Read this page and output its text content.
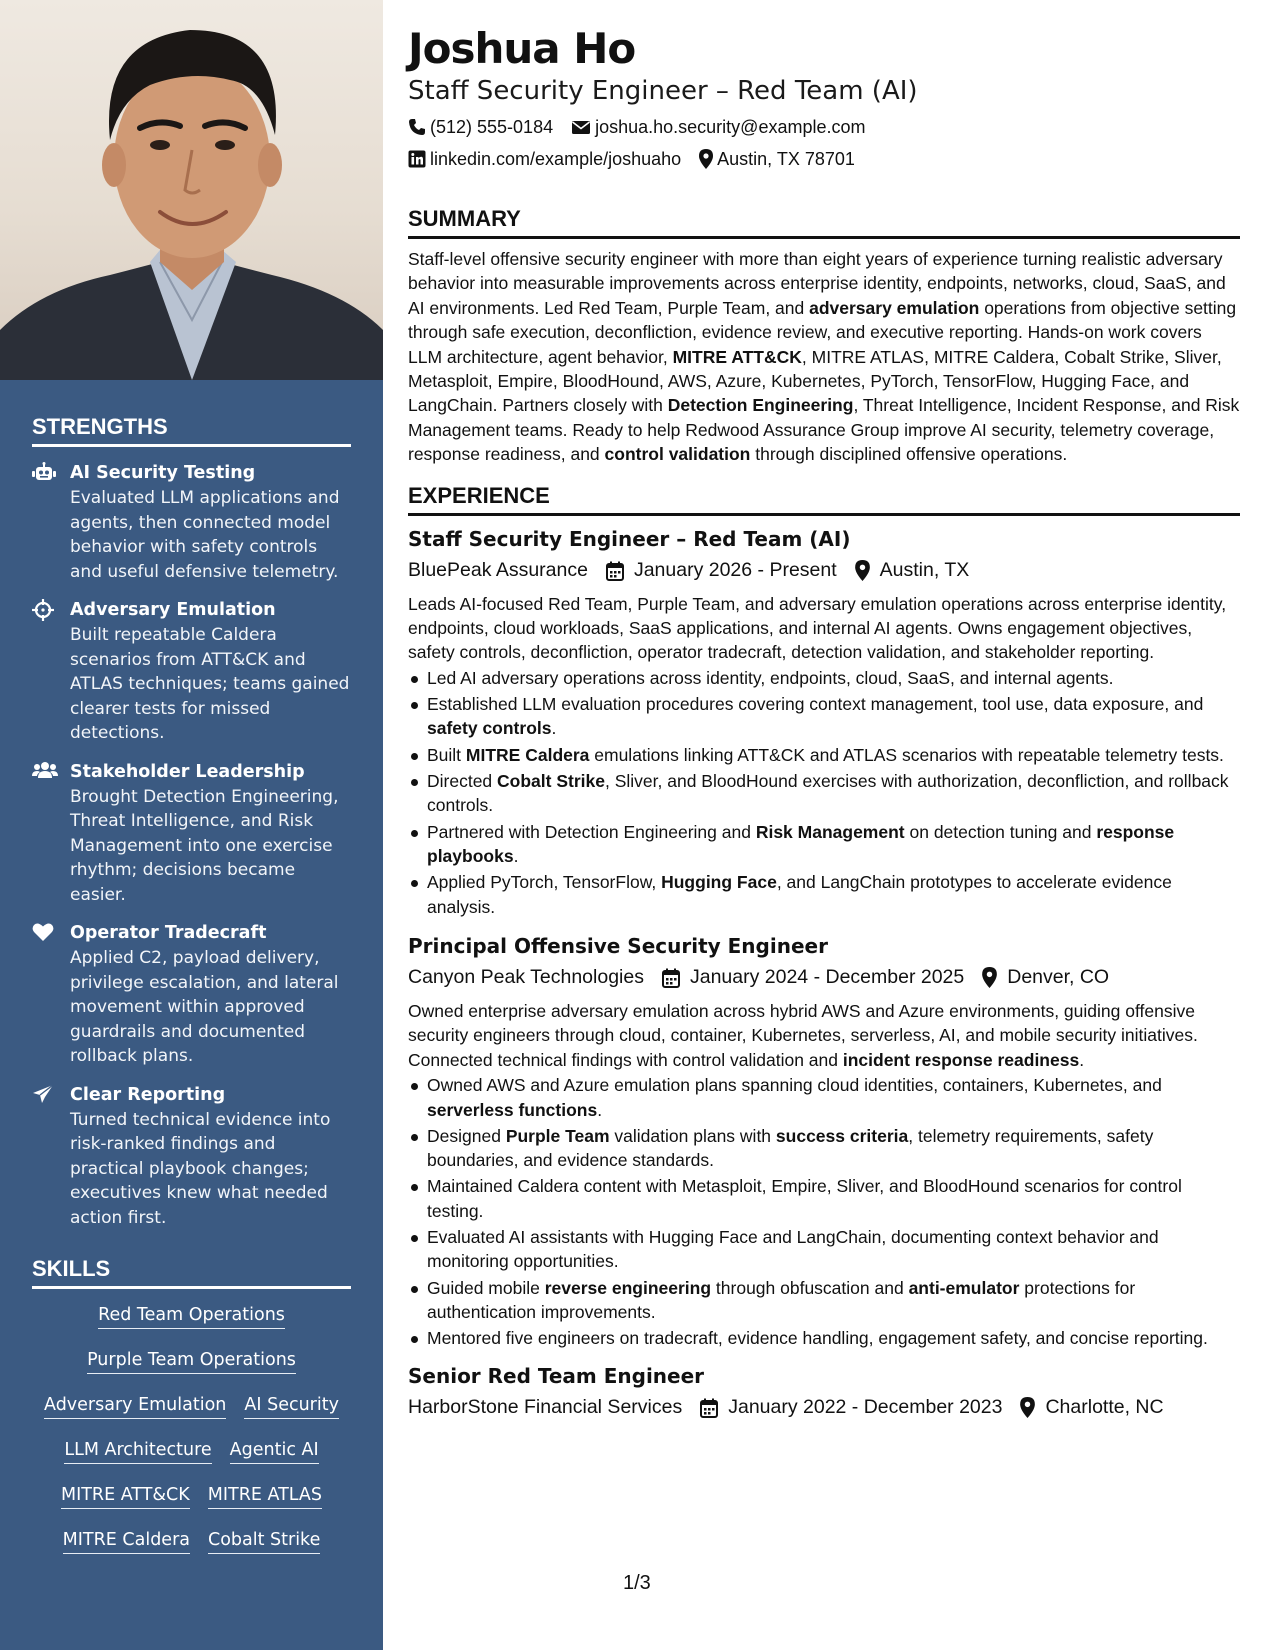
STRENGTHS
AI Security Testing
Evaluated LLM applications and agents, then connected model behavior with safety controls and useful defensive telemetry.
Adversary Emulation
Built repeatable Caldera scenarios from ATT&CK and ATLAS techniques; teams gained clearer tests for missed detections.
Stakeholder Leadership
Brought Detection Engineering, Threat Intelligence, and Risk Management into one exercise rhythm; decisions became easier.
Operator Tradecraft
Applied C2, payload delivery, privilege escalation, and lateral movement within approved guardrails and documented rollback plans.
Clear Reporting
Turned technical evidence into risk-ranked findings and practical playbook changes; executives knew what needed action first.
SKILLS
Red Team Operations
Purple Team Operations
Adversary Emulation AI Security
LLM Architecture Agentic AI
MITRE ATT&CK MITRE ATLAS
MITRE Caldera Cobalt Strike
Joshua Ho
Staff Security Engineer – Red Team (AI)
(512) 555-0184 joshua.ho.security@example.com
linkedin.com/example/joshuaho Austin, TX 78701
SUMMARY
Staff-level offensive security engineer with more than eight years of experience turning realistic adversary behavior into measurable improvements across enterprise identity, endpoints, networks, cloud, SaaS, and AI environments. Led Red Team, Purple Team, and adversary emulation operations from objective setting through safe execution, deconfliction, evidence review, and executive reporting. Hands-on work covers LLM architecture, agent behavior, MITRE ATT&CK, MITRE ATLAS, MITRE Caldera, Cobalt Strike, Sliver, Metasploit, Empire, BloodHound, AWS, Azure, Kubernetes, PyTorch, TensorFlow, Hugging Face, and LangChain. Partners closely with Detection Engineering, Threat Intelligence, Incident Response, and Risk Management teams. Ready to help Redwood Assurance Group improve AI security, telemetry coverage, response readiness, and control validation through disciplined offensive operations.
EXPERIENCE
Staff Security Engineer – Red Team (AI)
BluePeak Assurance January 2026 - Present Austin, TX
Leads AI-focused Red Team, Purple Team, and adversary emulation operations across enterprise identity, endpoints, cloud workloads, SaaS applications, and internal AI agents. Owns engagement objectives, safety controls, deconfliction, operator tradecraft, detection validation, and stakeholder reporting.
Led AI adversary operations across identity, endpoints, cloud, SaaS, and internal agents.
Established LLM evaluation procedures covering context management, tool use, data exposure, and safety controls.
Built MITRE Caldera emulations linking ATT&CK and ATLAS scenarios with repeatable telemetry tests.
Directed Cobalt Strike, Sliver, and BloodHound exercises with authorization, deconfliction, and rollback controls.
Partnered with Detection Engineering and Risk Management on detection tuning and response playbooks.
Applied PyTorch, TensorFlow, Hugging Face, and LangChain prototypes to accelerate evidence analysis.
Principal Offensive Security Engineer
Canyon Peak Technologies January 2024 - December 2025 Denver, CO
Owned enterprise adversary emulation across hybrid AWS and Azure environments, guiding offensive security engineers through cloud, container, Kubernetes, serverless, AI, and mobile security initiatives. Connected technical findings with control validation and incident response readiness.
Owned AWS and Azure emulation plans spanning cloud identities, containers, Kubernetes, and serverless functions.
Designed Purple Team validation plans with success criteria, telemetry requirements, safety boundaries, and evidence standards.
Maintained Caldera content with Metasploit, Empire, Sliver, and BloodHound scenarios for control testing.
Evaluated AI assistants with Hugging Face and LangChain, documenting context behavior and monitoring opportunities.
Guided mobile reverse engineering through obfuscation and anti-emulator protections for authentication improvements.
Mentored five engineers on tradecraft, evidence handling, engagement safety, and concise reporting.
Senior Red Team Engineer
HarborStone Financial Services January 2022 - December 2023 Charlotte, NC
1/3
